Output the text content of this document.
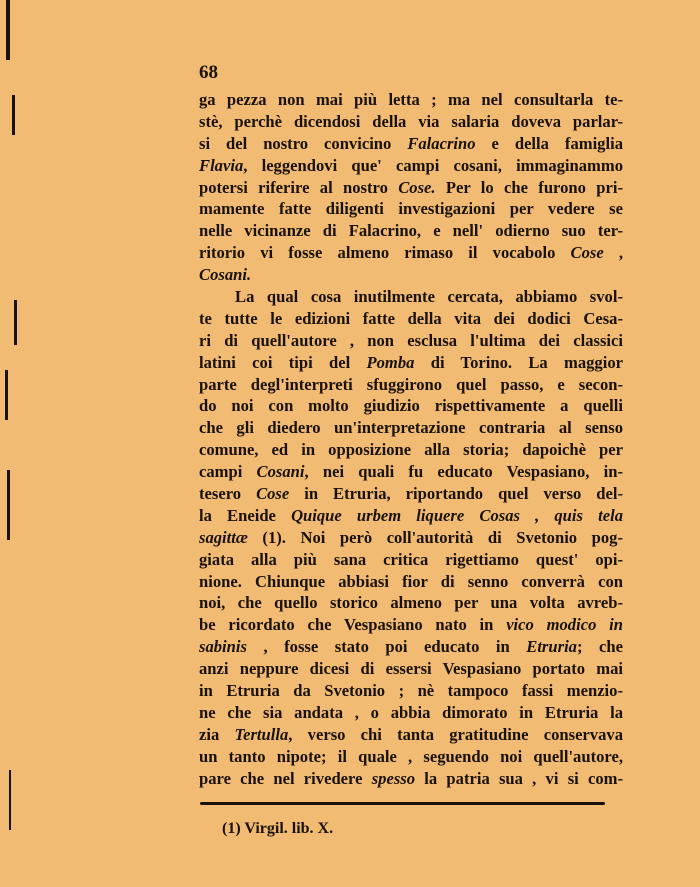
68
ga pezza non mai più letta ; ma nel consultarla te-
stè, perchè dicendosi della via salaria doveva parlar-
si del nostro convicino Falacrino e della famiglia
Flavia, leggendovi que' campi cosani, immaginammo
potersi riferire al nostro Cose. Per lo che furono pri-
mamente fatte diligenti investigazioni per vedere se
nelle vicinanze di Falacrino, e nell' odierno suo ter-
ritorio vi fosse almeno rimaso il vocabolo Cose ,
Cosani.
La qual cosa inutilmente cercata, abbiamo svol-
te tutte le edizioni fatte della vita dei dodici Cesa-
ri di quell'autore , non esclusa l'ultima dei classici
latini coi tipi del Pomba di Torino. La maggior
parte degl'interpreti sfuggirono quel passo, e secon-
do noi con molto giudizio rispettivamente a quelli
che gli diedero un'interpretazione contraria al senso
comune, ed in opposizione alla storia; dapoichè per
campi Cosani, nei quali fu educato Vespasiano, in-
tesero Cose in Etruria, riportando quel verso del-
la Eneide Quique urbem liquere Cosas , quis tela
sagittæ (1). Noi però coll'autorità di Svetonio pog-
giata alla più sana critica rigettiamo quest' opi-
nione. Chiunque abbiasi fior di senno converrà con
noi, che quello storico almeno per una volta avreb-
be ricordato che Vespasiano nato in vico modico in
sabinis , fosse stato poi educato in Etruria; che
anzi neppure dicesi di essersi Vespasiano portato mai
in Etruria da Svetonio ; nè tampoco fassi menzio-
ne che sia andata , o abbia dimorato in Etruria la
zia Tertulla, verso chi tanta gratitudine conservava
un tanto nipote; il quale , seguendo noi quell'autore,
pare che nel rivedere spesso la patria sua , vi si com-
(1) Virgil. lib. X.
